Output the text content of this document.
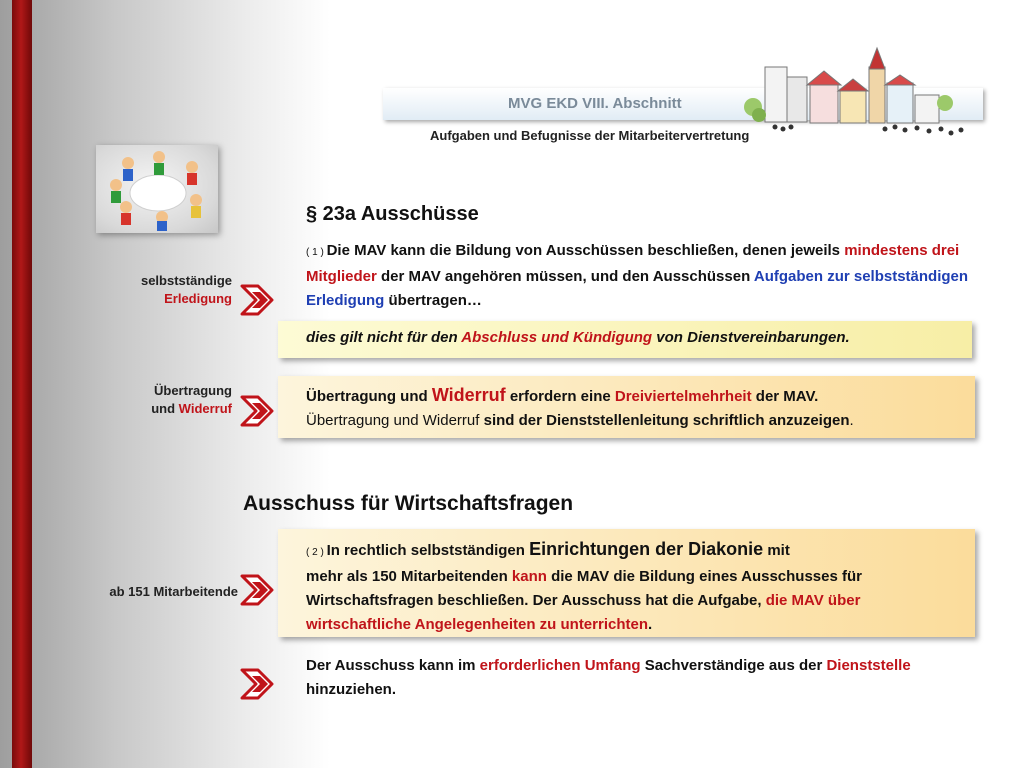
MVG EKD VIII. Abschnitt
Aufgaben und Befugnisse der Mitarbeitervertretung
selbstständige
Erledigung
Übertragung
und Widerruf
ab 151 Mitarbeitende
§ 23a Ausschüsse
( 1 ) Die MAV kann die Bildung von Ausschüssen beschließen, denen jeweils mindestens drei Mitglieder der MAV angehören müssen, und den Ausschüssen Aufgaben zur selbstständigen Erledigung übertragen…
dies gilt nicht für den Abschluss und Kündigung von Dienstvereinbarungen.
Übertragung und Widerruf erfordern eine Dreiviertelmehrheit der MAV.
Übertragung und Widerruf sind der Dienststellenleitung schriftlich anzuzeigen.
Ausschuss für Wirtschaftsfragen
( 2 ) In rechtlich selbstständigen Einrichtungen der Diakonie mit
mehr als 150 Mitarbeitenden kann die MAV die Bildung eines Ausschusses für Wirtschaftsfragen beschließen. Der Ausschuss hat die Aufgabe, die MAV über wirtschaftliche Angelegenheiten zu unterrichten.
Der Ausschuss kann im erforderlichen Umfang Sachverständige aus der Dienststelle hinzuziehen.
